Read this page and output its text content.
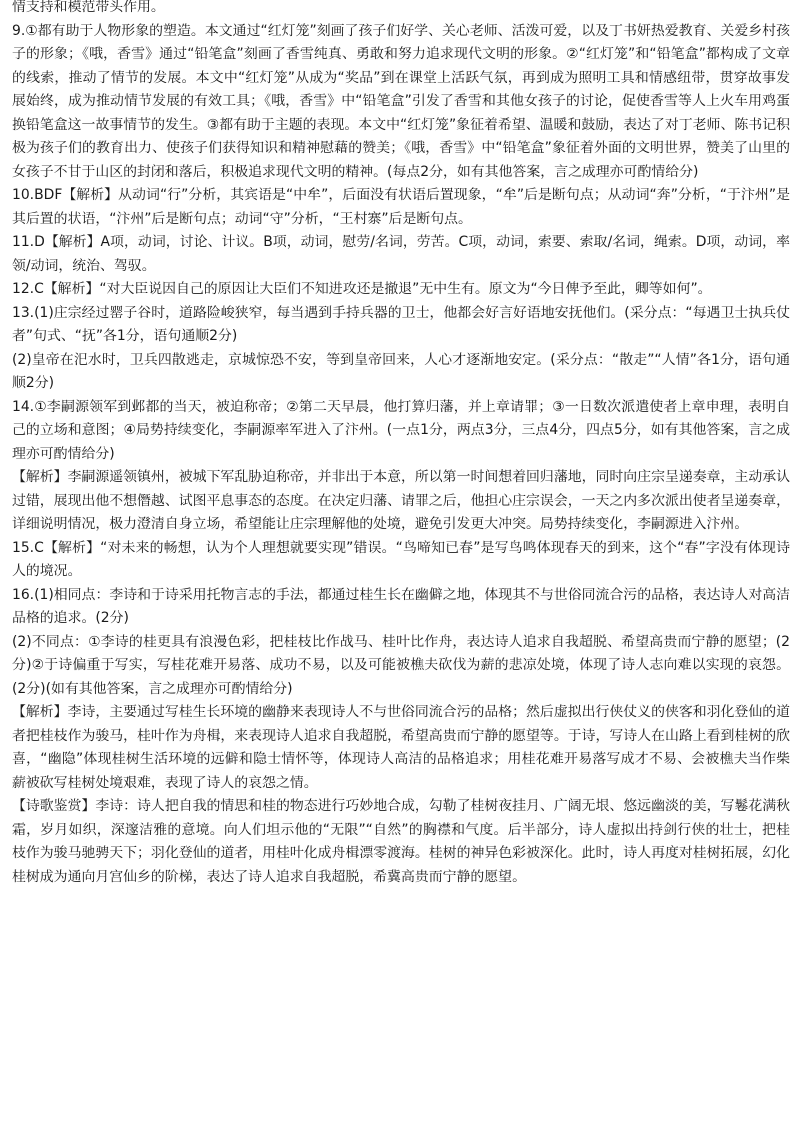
情支持和模范带头作用。

9.①都有助于人物形象的塑造。本文通过“红灯笼”刻画了孩子们好学、关心老师、活泼可爱，以及丁书妍热爱教育、关爱乡村孩子的形象；《哦，香雪》通过“铅笔盒”刻画了香雪纯真、勇敢和努力追求现代文明的形象。②“红灯笼”和“铅笔盒”都构成了文章的线索，推动了情节的发展。本文中“红灯笼”从成为“奖品”到在课堂上活跃气氛，再到成为照明工具和情感纽带，贯穿故事发展始终，成为推动情节发展的有效工具；《哦，香雪》中“铅笔盒”引发了香雪和其他女孩子的讨论，促使香雪等人上火车用鸡蛋换铅笔盒这一故事情节的发生。③都有助于主题的表现。本文中“红灯笼”象征着希望、温暖和鼓励，表达了对丁老师、陈书记积极为孩子们的教育出力、使孩子们获得知识和精神慰藉的赞美；《哦，香雪》中“铅笔盒”象征着外面的文明世界，赞美了山里的女孩子不甘于山区的封闭和落后，积极追求现代文明的精神。(每点2分，如有其他答案，言之成理亦可酌情给分)

10.BDF【解析】从动词“行”分析，其宾语是“中牟”，后面没有状语后置现象，“牟”后是断句点；从动词“奔”分析，“于汴州”是其后置的状语，“汴州”后是断句点；动词“守”分析，“王村寨”后是断句点。

11.D【解析】A项，动词，讨论、计议。B项，动词，慰劳/名词，劳苦。C项，动词，索要、索取/名词，绳索。D项，动词，率领/动词，统治、驾驭。

12.C【解析】“对大臣说因自己的原因让大臣们不知进攻还是撤退”无中生有。原文为“今日俾予至此，卿等如何”。

13.(1)庄宗经过罂子谷时，道路险峻狭窄，每当遇到手持兵器的卫士，他都会好言好语地安抚他们。(采分点：“每遇卫士执兵仗者”句式、“抚”各1分，语句通顺2分)

(2)皇帝在汜水时，卫兵四散逃走，京城惊恐不安，等到皇帝回来，人心才逐渐地安定。(采分点：“散走”“人情”各1分，语句通顺2分)

14.①李嗣源领军到邺都的当天，被迫称帝；②第二天早晨，他打算归藩，并上章请罪；③一日数次派遣使者上章申理，表明自己的立场和意图；④局势持续变化，李嗣源率军进入了汴州。(一点1分，两点3分，三点4分，四点5分，如有其他答案，言之成理亦可酌情给分)

【解析】李嗣源遥领镇州，被城下军乱胁迫称帝，并非出于本意，所以第一时间想着回归藩地，同时向庄宗呈递奏章，主动承认过错，展现出他不想僭越、试图平息事态的态度。在决定归藩、请罪之后，他担心庄宗误会，一天之内多次派出使者呈递奏章，详细说明情况，极力澄清自身立场，希望能让庄宗理解他的处境，避免引发更大冲突。局势持续变化，李嗣源进入汴州。

15.C【解析】“对未来的畅想，认为个人理想就要实现”错误。“鸟啼知已春”是写鸟鸣体现春天的到来，这个“春”字没有体现诗人的境况。

16.(1)相同点：李诗和于诗采用托物言志的手法，都通过桂生长在幽僻之地，体现其不与世俗同流合污的品格，表达诗人对高洁品格的追求。(2分)

(2)不同点：①李诗的桂更具有浪漫色彩，把桂枝比作战马、桂叶比作舟，表达诗人追求自我超脱、希望高贵而宁静的愿望；(2分)②于诗偏重于写实，写桂花难开易落、成功不易，以及可能被樵夫砍伐为薪的悲凉处境，体现了诗人志向难以实现的哀怨。(2分)(如有其他答案，言之成理亦可酌情给分)

【解析】李诗，主要通过写桂生长环境的幽静来表现诗人不与世俗同流合污的品格；然后虚拟出行侠仗义的侠客和羽化登仙的道者把桂枝作为骏马，桂叶作为舟楫，来表现诗人追求自我超脱，希望高贵而宁静的愿望等。于诗，写诗人在山路上看到桂树的欣喜，“幽隐”体现桂树生活环境的远僻和隐士情怀等，体现诗人高洁的品格追求；用桂花难开易落写成才不易、会被樵夫当作柴薪被砍写桂树处境艰难，表现了诗人的哀怨之情。

【诗歌鉴赏】李诗：诗人把自我的情思和桂的物态进行巧妙地合成，勾勒了桂树夜挂月、广阔无垠、悠远幽淡的美，写鬈花满秋霜，岁月如织，深邃洁雅的意境。向人们坦示他的“无限”“自然”的胸襟和气度。后半部分，诗人虚拟出持剑行侠的壮士，把桂枝作为骏马驰骋天下；羽化登仙的道者，用桂叶化成舟楫漂零渡海。桂树的神异色彩被深化。此时，诗人再度对桂树拓展，幻化桂树成为通向月宫仙乡的阶梯，表达了诗人追求自我超脱，希冀高贵而宁静的愿望。
